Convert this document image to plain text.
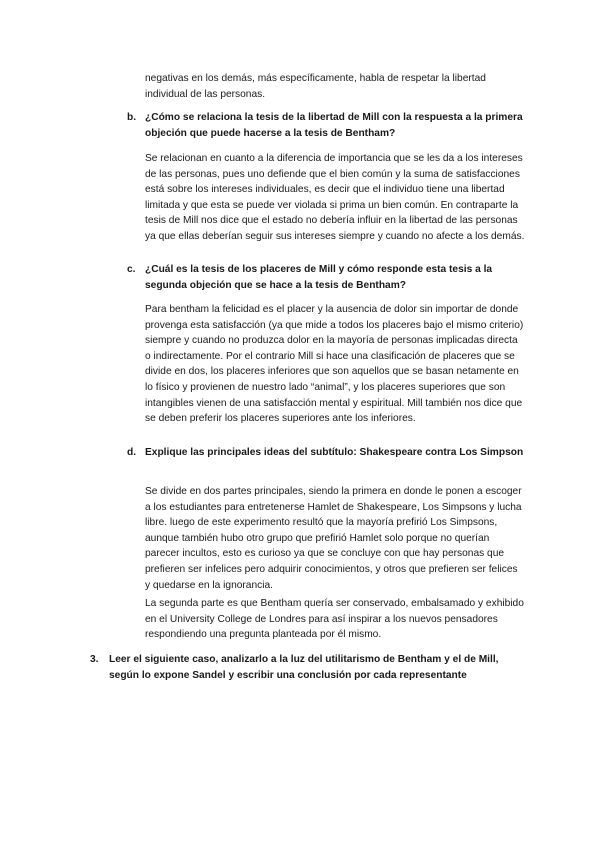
negativas en los demás, más específicamente, habla de respetar la libertad individual de las personas.

b. ¿Cómo se relaciona la tesis de la libertad de Mill con la respuesta a la primera objeción que puede hacerse a la tesis de Bentham?

Se relacionan en cuanto a la diferencia de importancia que se les da a los intereses de las personas, pues uno defiende que el bien común y la suma de satisfacciones está sobre los intereses individuales, es decir que el individuo tiene una libertad limitada y que esta se puede ver violada si prima un bien común. En contraparte la tesis de Mill nos dice que el estado no debería influir en la libertad de las personas ya que ellas deberían seguir sus intereses siempre y cuando no afecte a los demás.

c. ¿Cuál es la tesis de los placeres de Mill y cómo responde esta tesis a la segunda objeción que se hace a la tesis de Bentham?

Para bentham la felicidad es el placer y la ausencia de dolor sin importar de donde provenga esta satisfacción (ya que mide a todos los placeres bajo el mismo criterio) siempre y cuando no produzca dolor en la mayoría de personas implicadas directa o indirectamente. Por el contrario Mill si hace una clasificación de placeres que se divide en dos, los placeres inferiores que son aquellos que se basan netamente en lo físico y provienen de nuestro lado “animal”, y los placeres superiores que son intangibles vienen de una satisfacción mental y espiritual. Mill también nos dice que se deben preferir los placeres superiores ante los inferiores.

d. Explique las principales ideas del subtítulo: Shakespeare contra Los Simpson

Se divide en dos partes principales, siendo la primera en donde le ponen a escoger a los estudiantes para entretenerse Hamlet de Shakespeare, Los Simpsons y lucha libre. luego de este experimento resultó que la mayoría prefirió Los Simpsons, aunque también hubo otro grupo que prefirió Hamlet solo porque no querían parecer incultos, esto es curioso ya que se concluye con que hay personas que prefieren ser infelices pero adquirir conocimientos, y otros que prefieren ser felices y quedarse en la ignorancia.

La segunda parte es que Bentham quería ser conservado, embalsamado y exhibido en el University College de Londres para así inspirar a los nuevos pensadores respondiendo una pregunta planteada por él mismo.

3. Leer el siguiente caso, analizarlo a la luz del utilitarismo de Bentham y el de Mill, según lo expone Sandel y escribir una conclusión por cada representante
